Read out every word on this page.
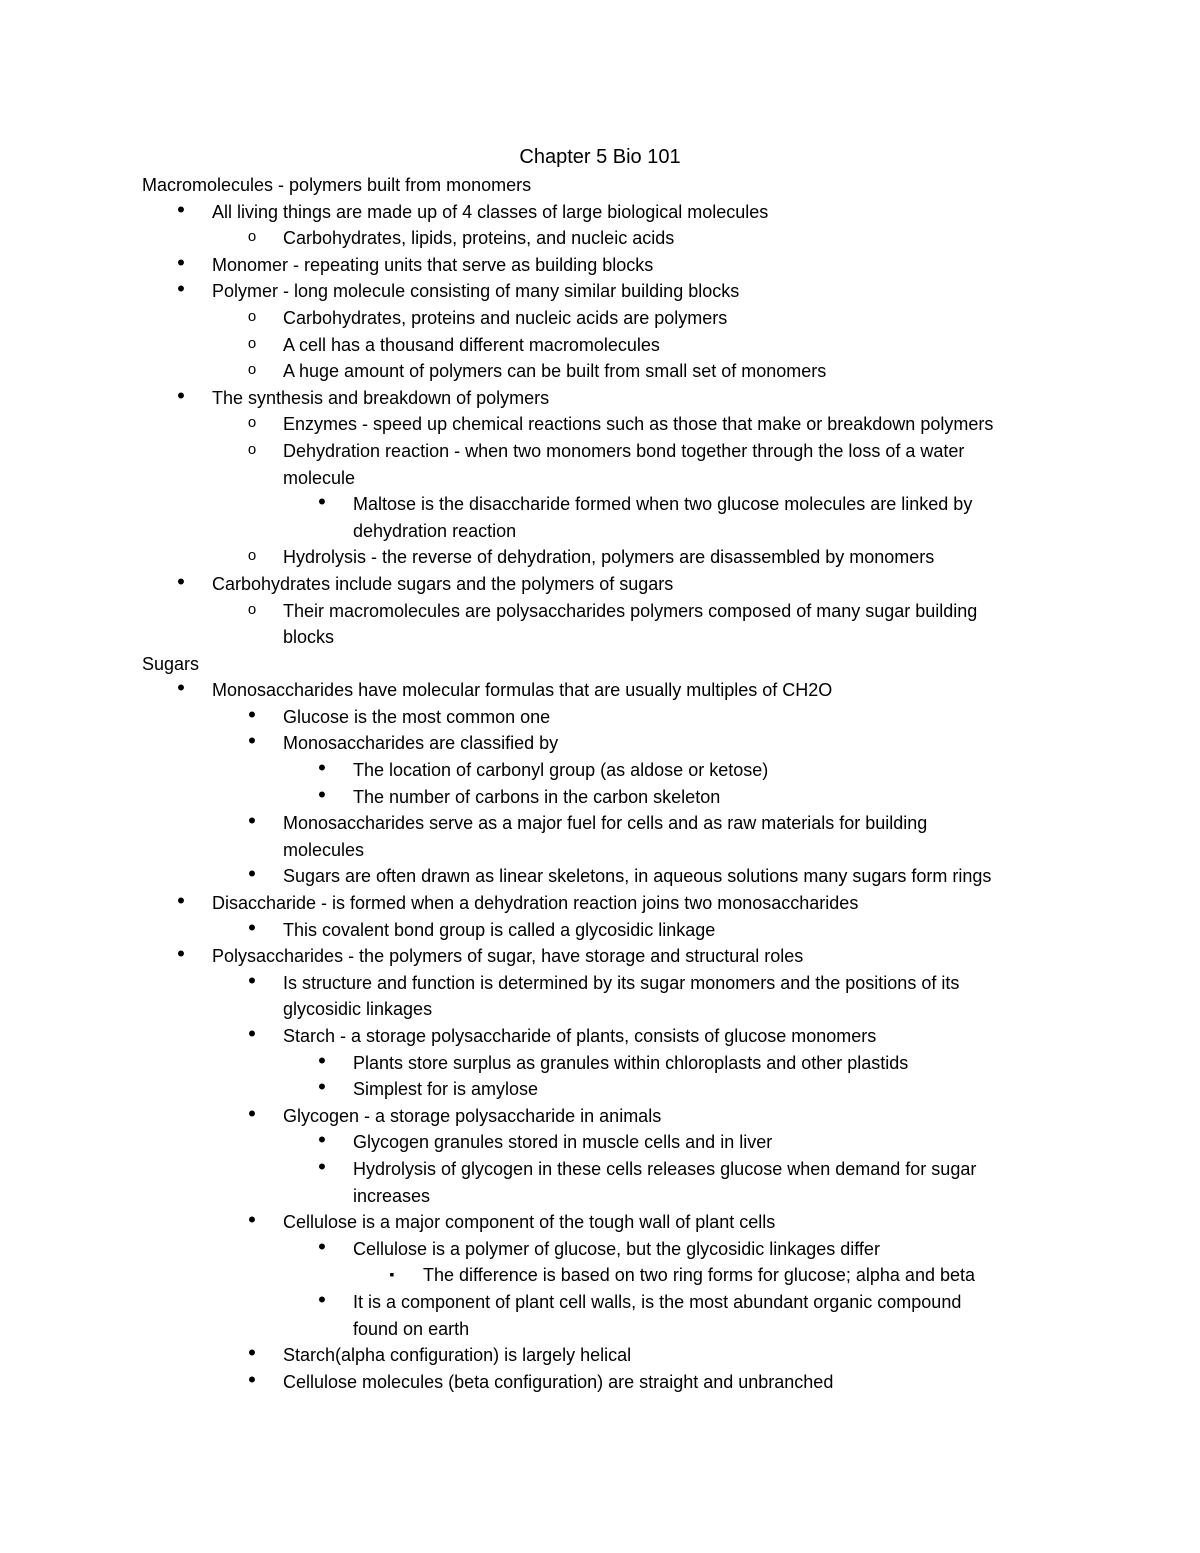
Chapter 5 Bio 101
Macromolecules - polymers built from monomers
•
All living things are made up of 4 classes of large biological molecules
o
Carbohydrates, lipids, proteins, and nucleic acids
•
Monomer - repeating units that serve as building blocks
•
Polymer - long molecule consisting of many similar building blocks
o
Carbohydrates, proteins and nucleic acids are polymers
o
A cell has a thousand different macromolecules
o
A huge amount of polymers can be built from small set of monomers
•
The synthesis and breakdown of polymers
o
Enzymes - speed up chemical reactions such as those that make or breakdown polymers
o
Dehydration reaction - when two monomers bond together through the loss of a water
molecule
•
Maltose is the disaccharide formed when two glucose molecules are linked by
dehydration reaction
o
Hydrolysis - the reverse of dehydration, polymers are disassembled by monomers
•
Carbohydrates include sugars and the polymers of sugars
o
Their macromolecules are polysaccharides polymers composed of many sugar building
blocks
Sugars
•
Monosaccharides have molecular formulas that are usually multiples of CH2O
•
Glucose is the most common one
•
Monosaccharides are classified by
•
The location of carbonyl group (as aldose or ketose)
•
The number of carbons in the carbon skeleton
•
Monosaccharides serve as a major fuel for cells and as raw materials for building
molecules
•
Sugars are often drawn as linear skeletons, in aqueous solutions many sugars form rings
•
Disaccharide - is formed when a dehydration reaction joins two monosaccharides
•
This covalent bond group is called a glycosidic linkage
•
Polysaccharides - the polymers of sugar, have storage and structural roles
•
Is structure and function is determined by its sugar monomers and the positions of its
glycosidic linkages
•
Starch - a storage polysaccharide of plants, consists of glucose monomers
•
Plants store surplus as granules within chloroplasts and other plastids
•
Simplest for is amylose
•
Glycogen - a storage polysaccharide in animals
•
Glycogen granules stored in muscle cells and in liver
•
Hydrolysis of glycogen in these cells releases glucose when demand for sugar
increases
•
Cellulose is a major component of the tough wall of plant cells
•
Cellulose is a polymer of glucose, but the glycosidic linkages differ
▪
The difference is based on two ring forms for glucose; alpha and beta
•
It is a component of plant cell walls, is the most abundant organic compound
found on earth
•
Starch(alpha configuration) is largely helical
•
Cellulose molecules (beta configuration) are straight and unbranched
